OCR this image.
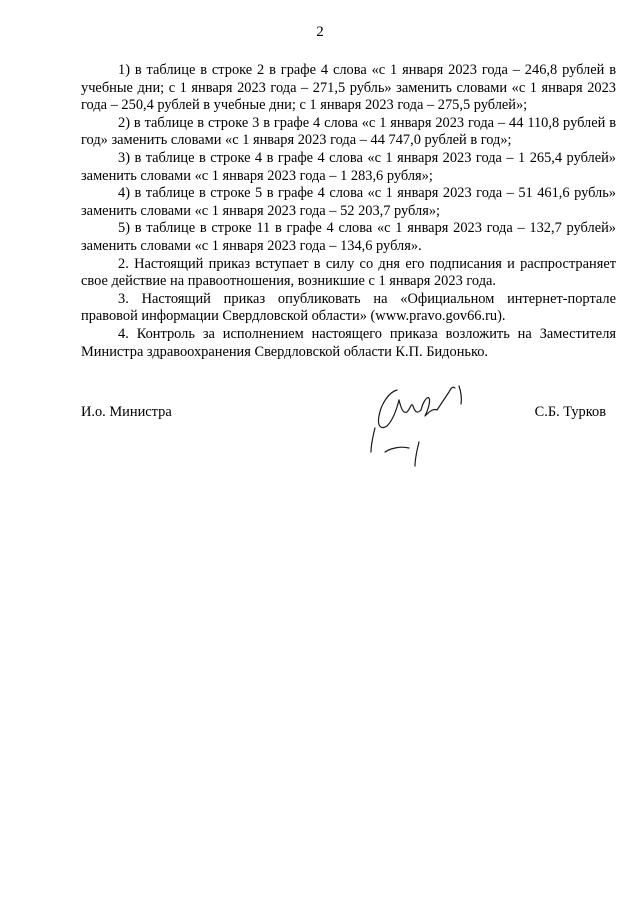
2

1) в таблице в строке 2 в графе 4 слова «с 1 января 2023 года – 246,8 рублей в учебные дни; с 1 января 2023 года – 271,5 рубль» заменить словами «с 1 января 2023 года – 250,4 рублей в учебные дни; с 1 января 2023 года – 275,5 рублей»;

2) в таблице в строке 3 в графе 4 слова «с 1 января 2023 года – 44 110,8 рублей в год» заменить словами «с 1 января 2023 года – 44 747,0 рублей в год»;

3) в таблице в строке 4 в графе 4 слова «с 1 января 2023 года – 1 265,4 рублей» заменить словами «с 1 января 2023 года – 1 283,6 рубля»;

4) в таблице в строке 5 в графе 4 слова «с 1 января 2023 года – 51 461,6 рубль» заменить словами «с 1 января 2023 года – 52 203,7 рубля»;

5) в таблице в строке 11 в графе 4 слова «с 1 января 2023 года – 132,7 рублей» заменить словами «с 1 января 2023 года – 134,6 рубля».

2. Настоящий приказ вступает в силу со дня его подписания и распространяет свое действие на правоотношения, возникшие с 1 января 2023 года.

3. Настоящий приказ опубликовать на «Официальном интернет-портале правовой информации Свердловской области» (www.pravo.gov66.ru).

4. Контроль за исполнением настоящего приказа возложить на Заместителя Министра здравоохранения Свердловской области К.П. Бидонько.

И.о. Министра	С.Б. Турков
